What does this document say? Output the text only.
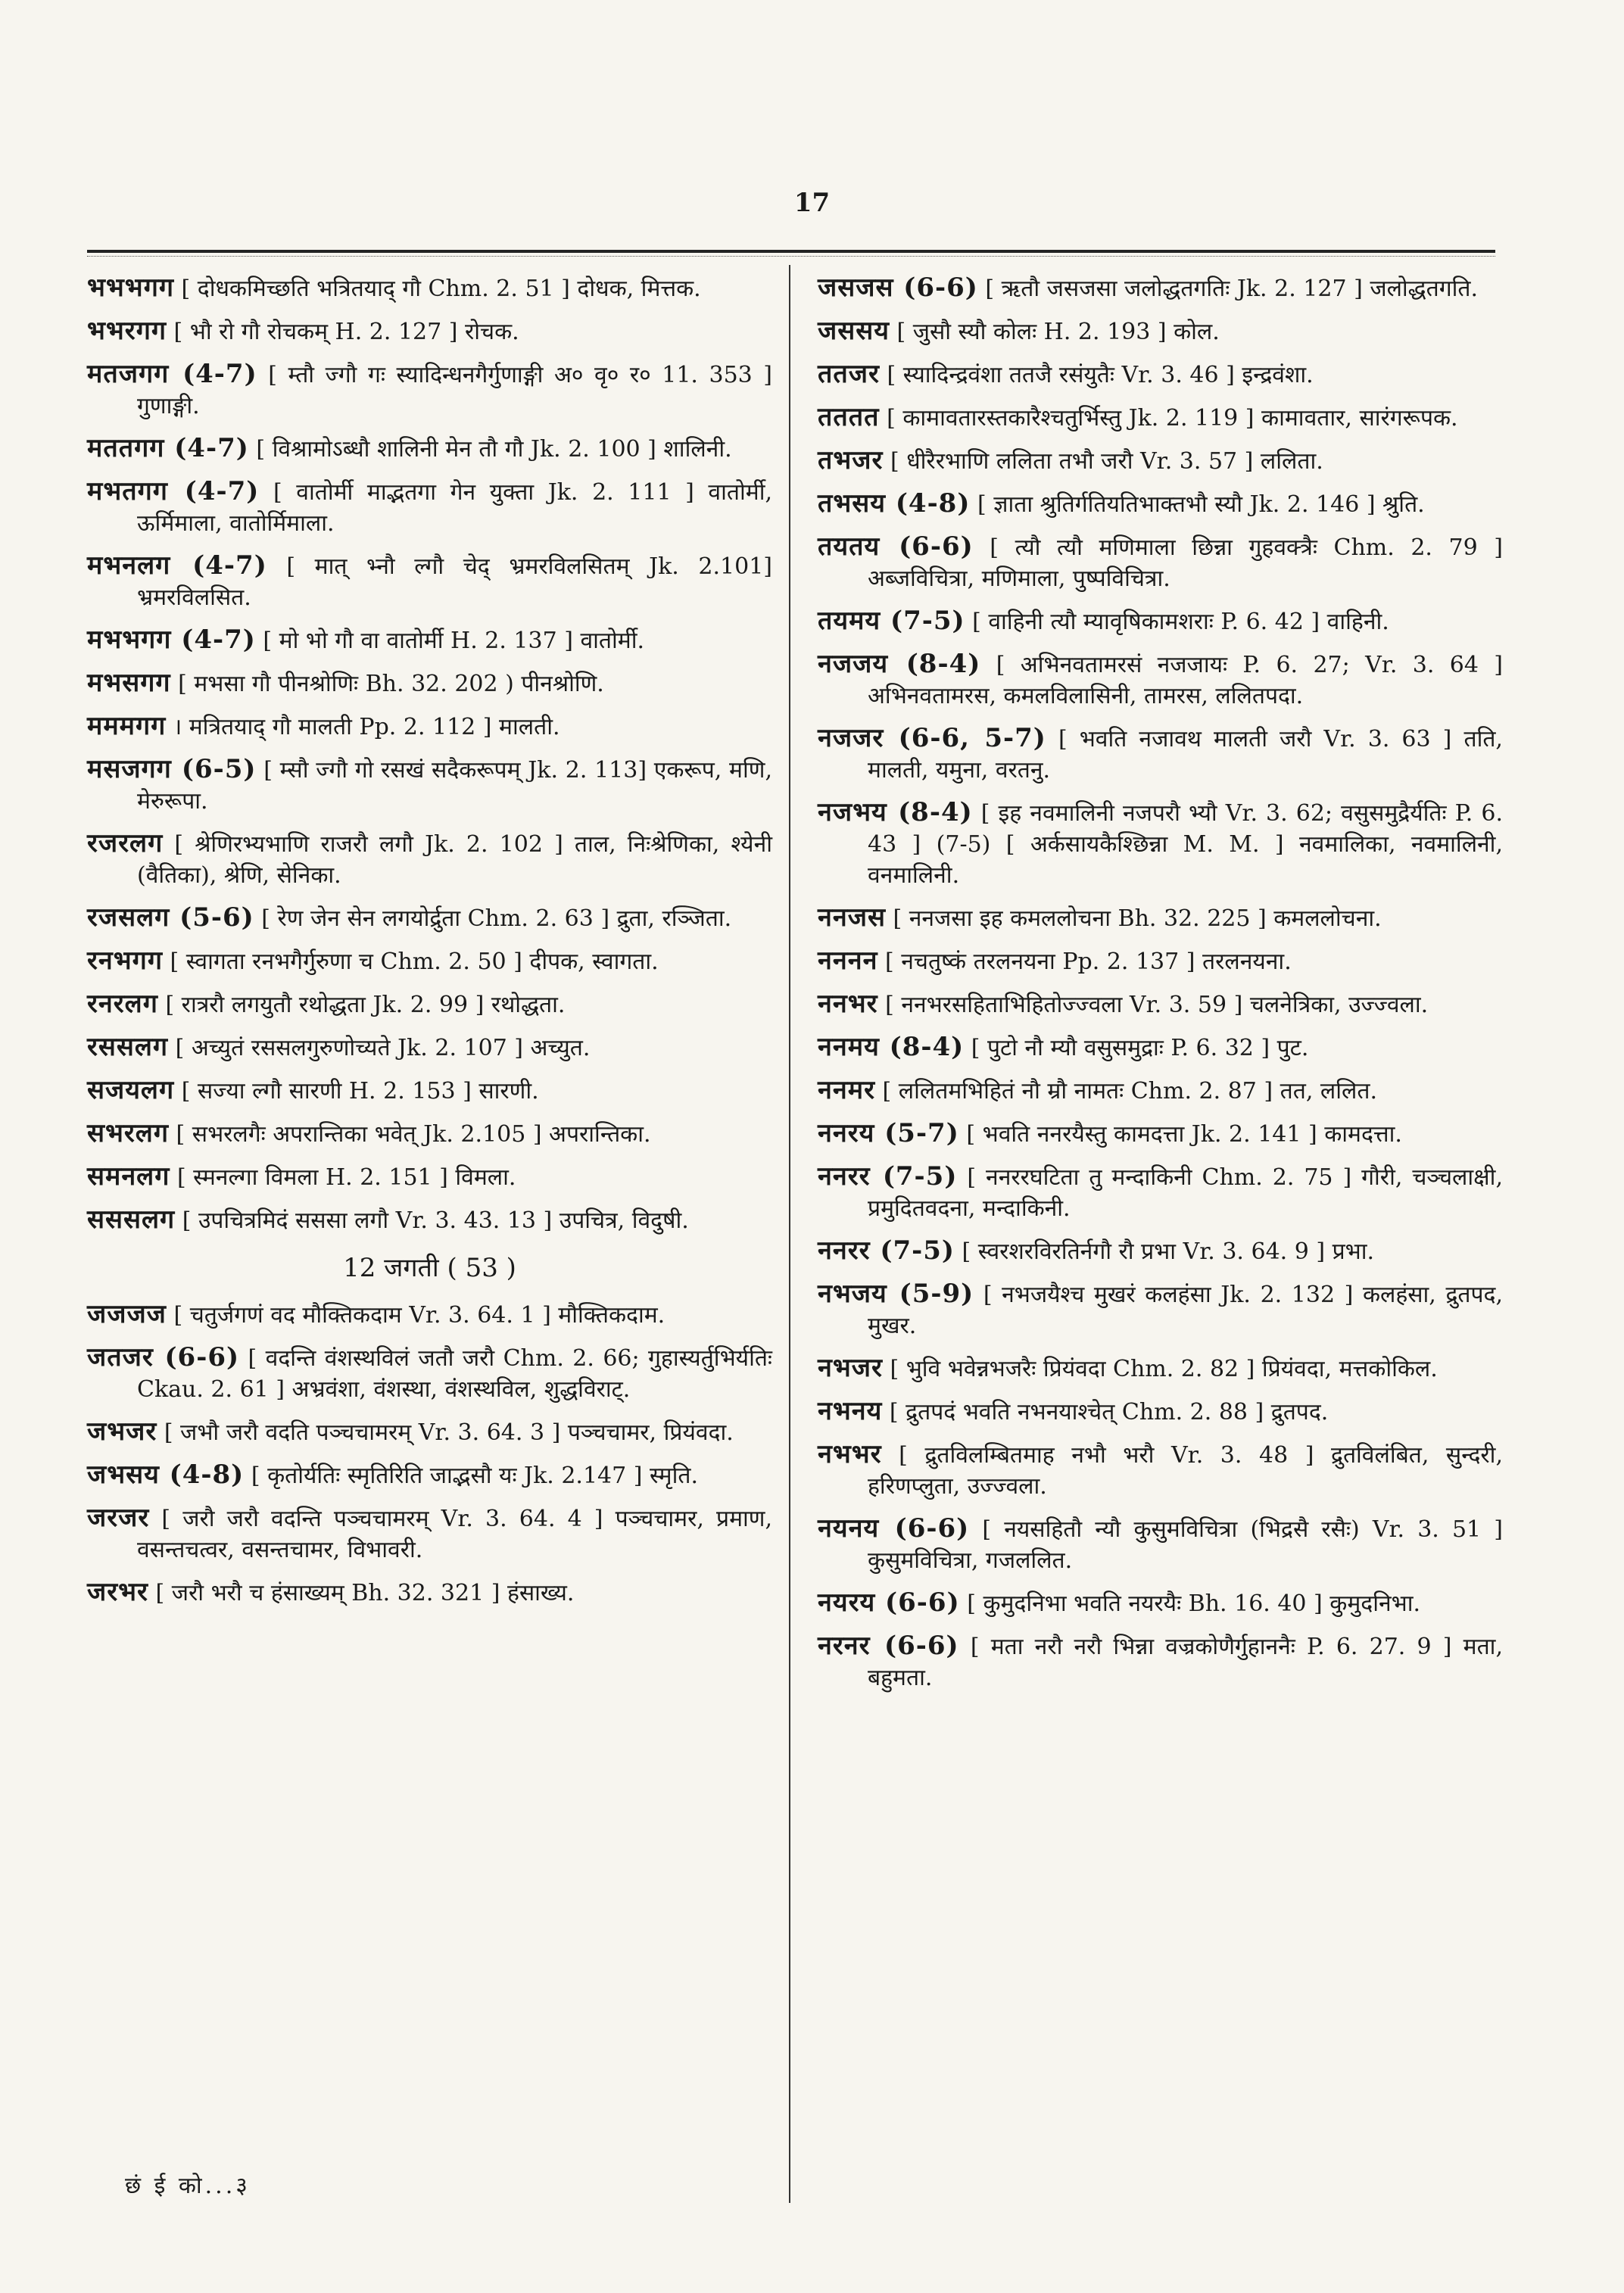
17
भभभगग [ दोधकमिच्छति भत्रितयाद् गौ Chm. 2. 51 ] दोधक, मित्तक.
भभरगग [ भौ रो गौ रोचकम् H. 2. 127 ] रोचक.
मतजगग (4-7) [ म्तौ ज्गौ गः स्यादिन्धनगैर्गुणाङ्गी अ० वृ० र० 11. 353 ] गुणाङ्गी.
मततगग (4-7) [ विश्रामोऽब्धौ शालिनी मेन तौ गौ Jk. 2. 100 ] शालिनी.
मभतगग (4-7) [ वातोर्मी माद्भतगा गेन युक्ता Jk. 2. 111 ] वातोर्मी, ऊर्मिमाला, वातोर्मिमाला.
मभनलग (4-7) [ मात् भ्नौ ल्गौ चेद् भ्रमरविलसितम् Jk. 2.101] भ्रमरविलसित.
मभभगग (4-7) [ मो भो गौ वा वातोर्मी H. 2. 137 ] वातोर्मी.
मभसगग [ मभसा गौ पीनश्रोणिः Bh. 32. 202 ) पीनश्रोणि.
मममगग । मत्रितयाद् गौ मालती Pp. 2. 112 ] मालती.
मसजगग (6-5) [ म्सौ ज्गौ गो रसखं सदैकरूपम् Jk. 2. 113] एकरूप, मणि, मेरुरूपा.
रजरलग [ श्रेणिरभ्यभाणि राजरौ लगौ Jk. 2. 102 ] ताल, निःश्रेणिका, श्येनी (वैतिका), श्रेणि, सेनिका.
रजसलग (5-6) [ रेण जेन सेन लगयोर्द्रुता Chm. 2. 63 ] द्रुता, रञ्जिता.
रनभगग [ स्वागता रनभगैर्गुरुणा च Chm. 2. 50 ] दीपक, स्वागता.
रनरलग [ रात्ररौ लगयुतौ रथोद्धता Jk. 2. 99 ] रथोद्धता.
रससलग [ अच्युतं रससलगुरुणोच्यते Jk. 2. 107 ] अच्युत.
सजयलग [ सज्या ल्गौ सारणी H. 2. 153 ] सारणी.
सभरलग [ सभरलगैः अपरान्तिका भवेत् Jk. 2.105 ] अपरान्तिका.
समनलग [ स्मनल्गा विमला H. 2. 151 ] विमला.
सससलग [ उपचित्रमिदं सससा लगौ Vr. 3. 43. 13 ] उपचित्र, विदुषी.
12 जगती ( 53 )
जजजज [ चतुर्जगणं वद मौक्तिकदाम Vr. 3. 64. 1 ] मौक्तिकदाम.
जतजर (6-6) [ वदन्ति वंशस्थविलं जतौ जरौ Chm. 2. 66; गुहास्यर्तुभिर्यतिः Ckau. 2. 61 ] अभ्रवंशा, वंशस्था, वंशस्थविल, शुद्धविराट्.
जभजर [ जभौ जरौ वदति पञ्चचामरम् Vr. 3. 64. 3 ] पञ्चचामर, प्रियंवदा.
जभसय (4-8) [ कृतोर्यतिः स्मृतिरिति जाद्भसौ यः Jk. 2.147 ] स्मृति.
जरजर [ जरौ जरौ वदन्ति पञ्चचामरम् Vr. 3. 64. 4 ] पञ्चचामर, प्रमाण, वसन्तचत्वर, वसन्तचामर, विभावरी.
जरभर [ जरौ भरौ च हंसाख्यम् Bh. 32. 321 ] हंसाख्य.
जसजस (6-6) [ ऋतौ जसजसा जलोद्धतगतिः Jk. 2. 127 ] जलोद्धतगति.
जससय [ जुसौ स्यौ कोलः H. 2. 193 ] कोल.
ततजर [ स्यादिन्द्रवंशा ततजै रसंयुतैः Vr. 3. 46 ] इन्द्रवंशा.
तततत [ कामावतारस्तकारैश्चतुर्भिस्तु Jk. 2. 119 ] कामावतार, सारंगरूपक.
तभजर [ धीरैरभाणि ललिता तभौ जरौ Vr. 3. 57 ] ललिता.
तभसय (4-8) [ ज्ञाता श्रुतिर्गतियतिभाक्तभौ स्यौ Jk. 2. 146 ] श्रुति.
तयतय (6-6) [ त्यौ त्यौ मणिमाला छिन्ना गुहवक्त्रैः Chm. 2. 79 ] अब्जविचित्रा, मणिमाला, पुष्पविचित्रा.
तयमय (7-5) [ वाहिनी त्यौ म्यावृषिकामशराः P. 6. 42 ] वाहिनी.
नजजय (8-4) [ अभिनवतामरसं नजजायः P. 6. 27; Vr. 3. 64 ] अभिनवतामरस, कमलविलासिनी, तामरस, ललितपदा.
नजजर (6-6, 5-7) [ भवति नजावथ मालती जरौ Vr. 3. 63 ] तति, मालती, यमुना, वरतनु.
नजभय (8-4) [ इह नवमालिनी नजपरौ भ्यौ Vr. 3. 62; वसुसमुद्रैर्यतिः P. 6. 43 ] (7-5) [ अर्कसायकैश्छिन्ना M. M. ] नवमालिका, नवमालिनी, वनमालिनी.
ननजस [ ननजसा इह कमललोचना Bh. 32. 225 ] कमललोचना.
नननन [ नचतुष्कं तरलनयना Pp. 2. 137 ] तरलनयना.
ननभर [ ननभरसहिताभिहितोज्ज्वला Vr. 3. 59 ] चलनेत्रिका, उज्ज्वला.
ननमय (8-4) [ पुटो नौ म्यौ वसुसमुद्राः P. 6. 32 ] पुट.
ननमर [ ललितमभिहितं नौ म्रौ नामतः Chm. 2. 87 ] तत, ललित.
ननरय (5-7) [ भवति ननरयैस्तु कामदत्ता Jk. 2. 141 ] कामदत्ता.
ननरर (7-5) [ ननररघटिता तु मन्दाकिनी Chm. 2. 75 ] गौरी, चञ्चलाक्षी, प्रमुदितवदना, मन्दाकिनी.
ननरर (7-5) [ स्वरशरविरतिर्नगौ रौ प्रभा Vr. 3. 64. 9 ] प्रभा.
नभजय (5-9) [ नभजयैश्च मुखरं कलहंसा Jk. 2. 132 ] कलहंसा, द्रुतपद, मुखर.
नभजर [ भुवि भवेन्नभजरैः प्रियंवदा Chm. 2. 82 ] प्रियंवदा, मत्तकोकिल.
नभनय [ द्रुतपदं भवति नभनयाश्चेत् Chm. 2. 88 ] द्रुतपद.
नभभर [ द्रुतविलम्बितमाह नभौ भरौ Vr. 3. 48 ] द्रुतविलंबित, सुन्दरी, हरिणप्लुता, उज्ज्वला.
नयनय (6-6) [ नयसहितौ न्यौ कुसुमविचित्रा (भिद्रसै रसैः) Vr. 3. 51 ] कुसुमविचित्रा, गजललित.
नयरय (6-6) [ कुमुदनिभा भवति नयरयैः Bh. 16. 40 ] कुमुदनिभा.
नरनर (6-6) [ मता नरौ नरौ भिन्ना वज्रकोणैर्गुहाननैः P. 6. 27. 9 ] मता, बहुमता.
छं ई को...३
